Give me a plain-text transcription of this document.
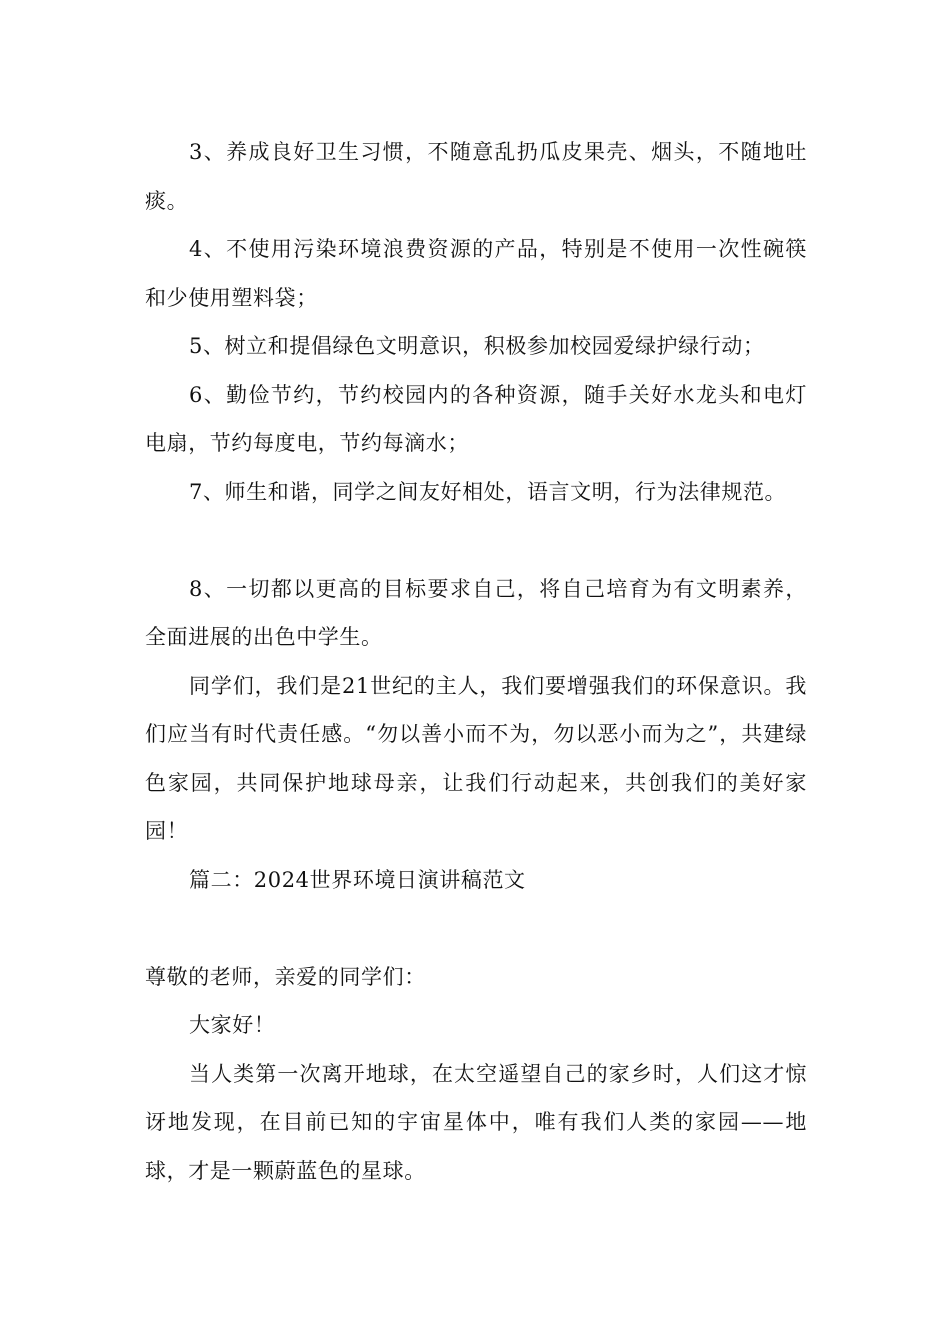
3、养成良好卫生习惯，不随意乱扔瓜皮果壳、烟头，不随地吐痰。

4、不使用污染环境浪费资源的产品，特别是不使用一次性碗筷和少使用塑料袋；

5、树立和提倡绿色文明意识，积极参加校园爱绿护绿行动；

6、勤俭节约，节约校园内的各种资源，随手关好水龙头和电灯电扇，节约每度电，节约每滴水；

7、师生和谐，同学之间友好相处，语言文明，行为法律规范。

8、一切都以更高的目标要求自己，将自己培育为有文明素养，全面进展的出色中学生。

同学们，我们是21世纪的主人，我们要增强我们的环保意识。我们应当有时代责任感。“勿以善小而不为，勿以恶小而为之”，共建绿色家园，共同保护地球母亲，让我们行动起来，共创我们的美好家园！

篇二：2024世界环境日演讲稿范文

尊敬的老师，亲爱的同学们：

大家好！

当人类第一次离开地球，在太空遥望自己的家乡时，人们这才惊讶地发现，在目前已知的宇宙星体中，唯有我们人类的家园——地球，才是一颗蔚蓝色的星球。
